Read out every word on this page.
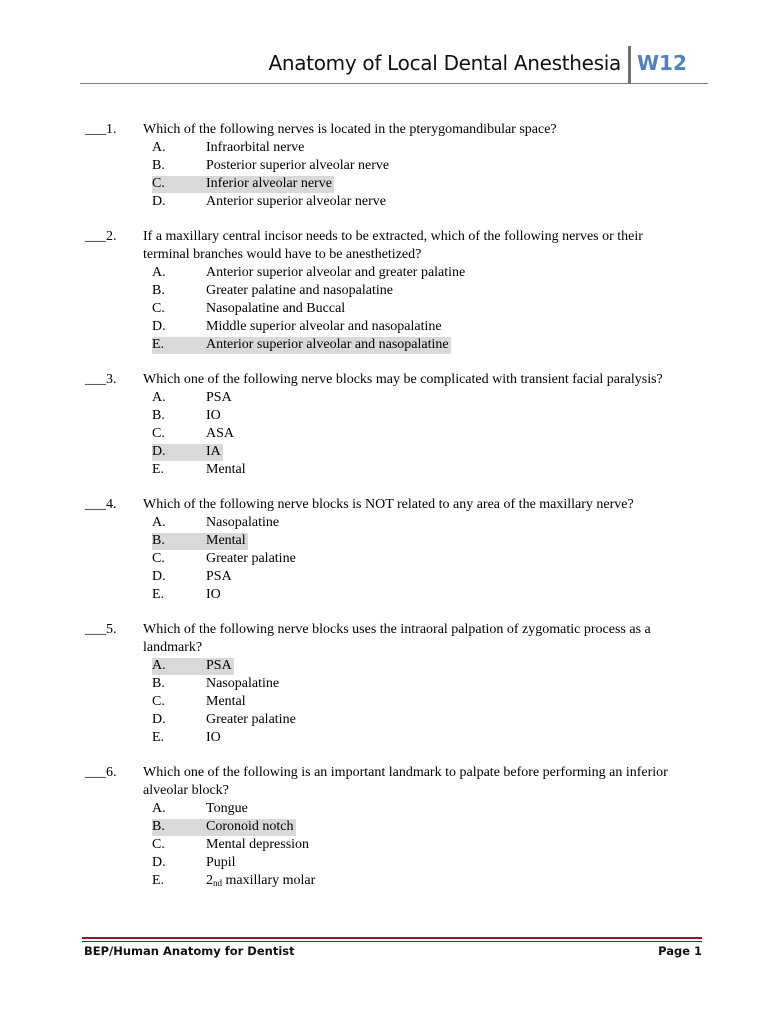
Anatomy of Local Dental Anesthesia W12
___1.	Which of the following nerves is located in the pterygomandibular space?
A.	Infraorbital nerve
B.	Posterior superior alveolar nerve
C.	Inferior alveolar nerve
D.	Anterior superior alveolar nerve
___2.	If a maxillary central incisor needs to be extracted, which of the following nerves or their terminal branches would have to be anesthetized?
A.	Anterior superior alveolar and greater palatine
B.	Greater palatine and nasopalatine
C.	Nasopalatine and Buccal
D.	Middle superior alveolar and nasopalatine
E.	Anterior superior alveolar and nasopalatine
___3.	Which one of the following nerve blocks may be complicated with transient facial paralysis?
A.	PSA
B.	IO
C.	ASA
D.	IA
E.	Mental
___4.	Which of the following nerve blocks is NOT related to any area of the maxillary nerve?
A.	Nasopalatine
B.	Mental
C.	Greater palatine
D.	PSA
E.	IO
___5.	Which of the following nerve blocks uses the intraoral palpation of zygomatic process as a landmark?
A.	PSA
B.	Nasopalatine
C.	Mental
D.	Greater palatine
E.	IO
___6.	Which one of the following is an important landmark to palpate before performing an inferior alveolar block?
A.	Tongue
B.	Coronoid notch
C.	Mental depression
D.	Pupil
E.	$2_{nd}$ maxillary molar
BEP/Human Anatomy for Dentist	Page 1
